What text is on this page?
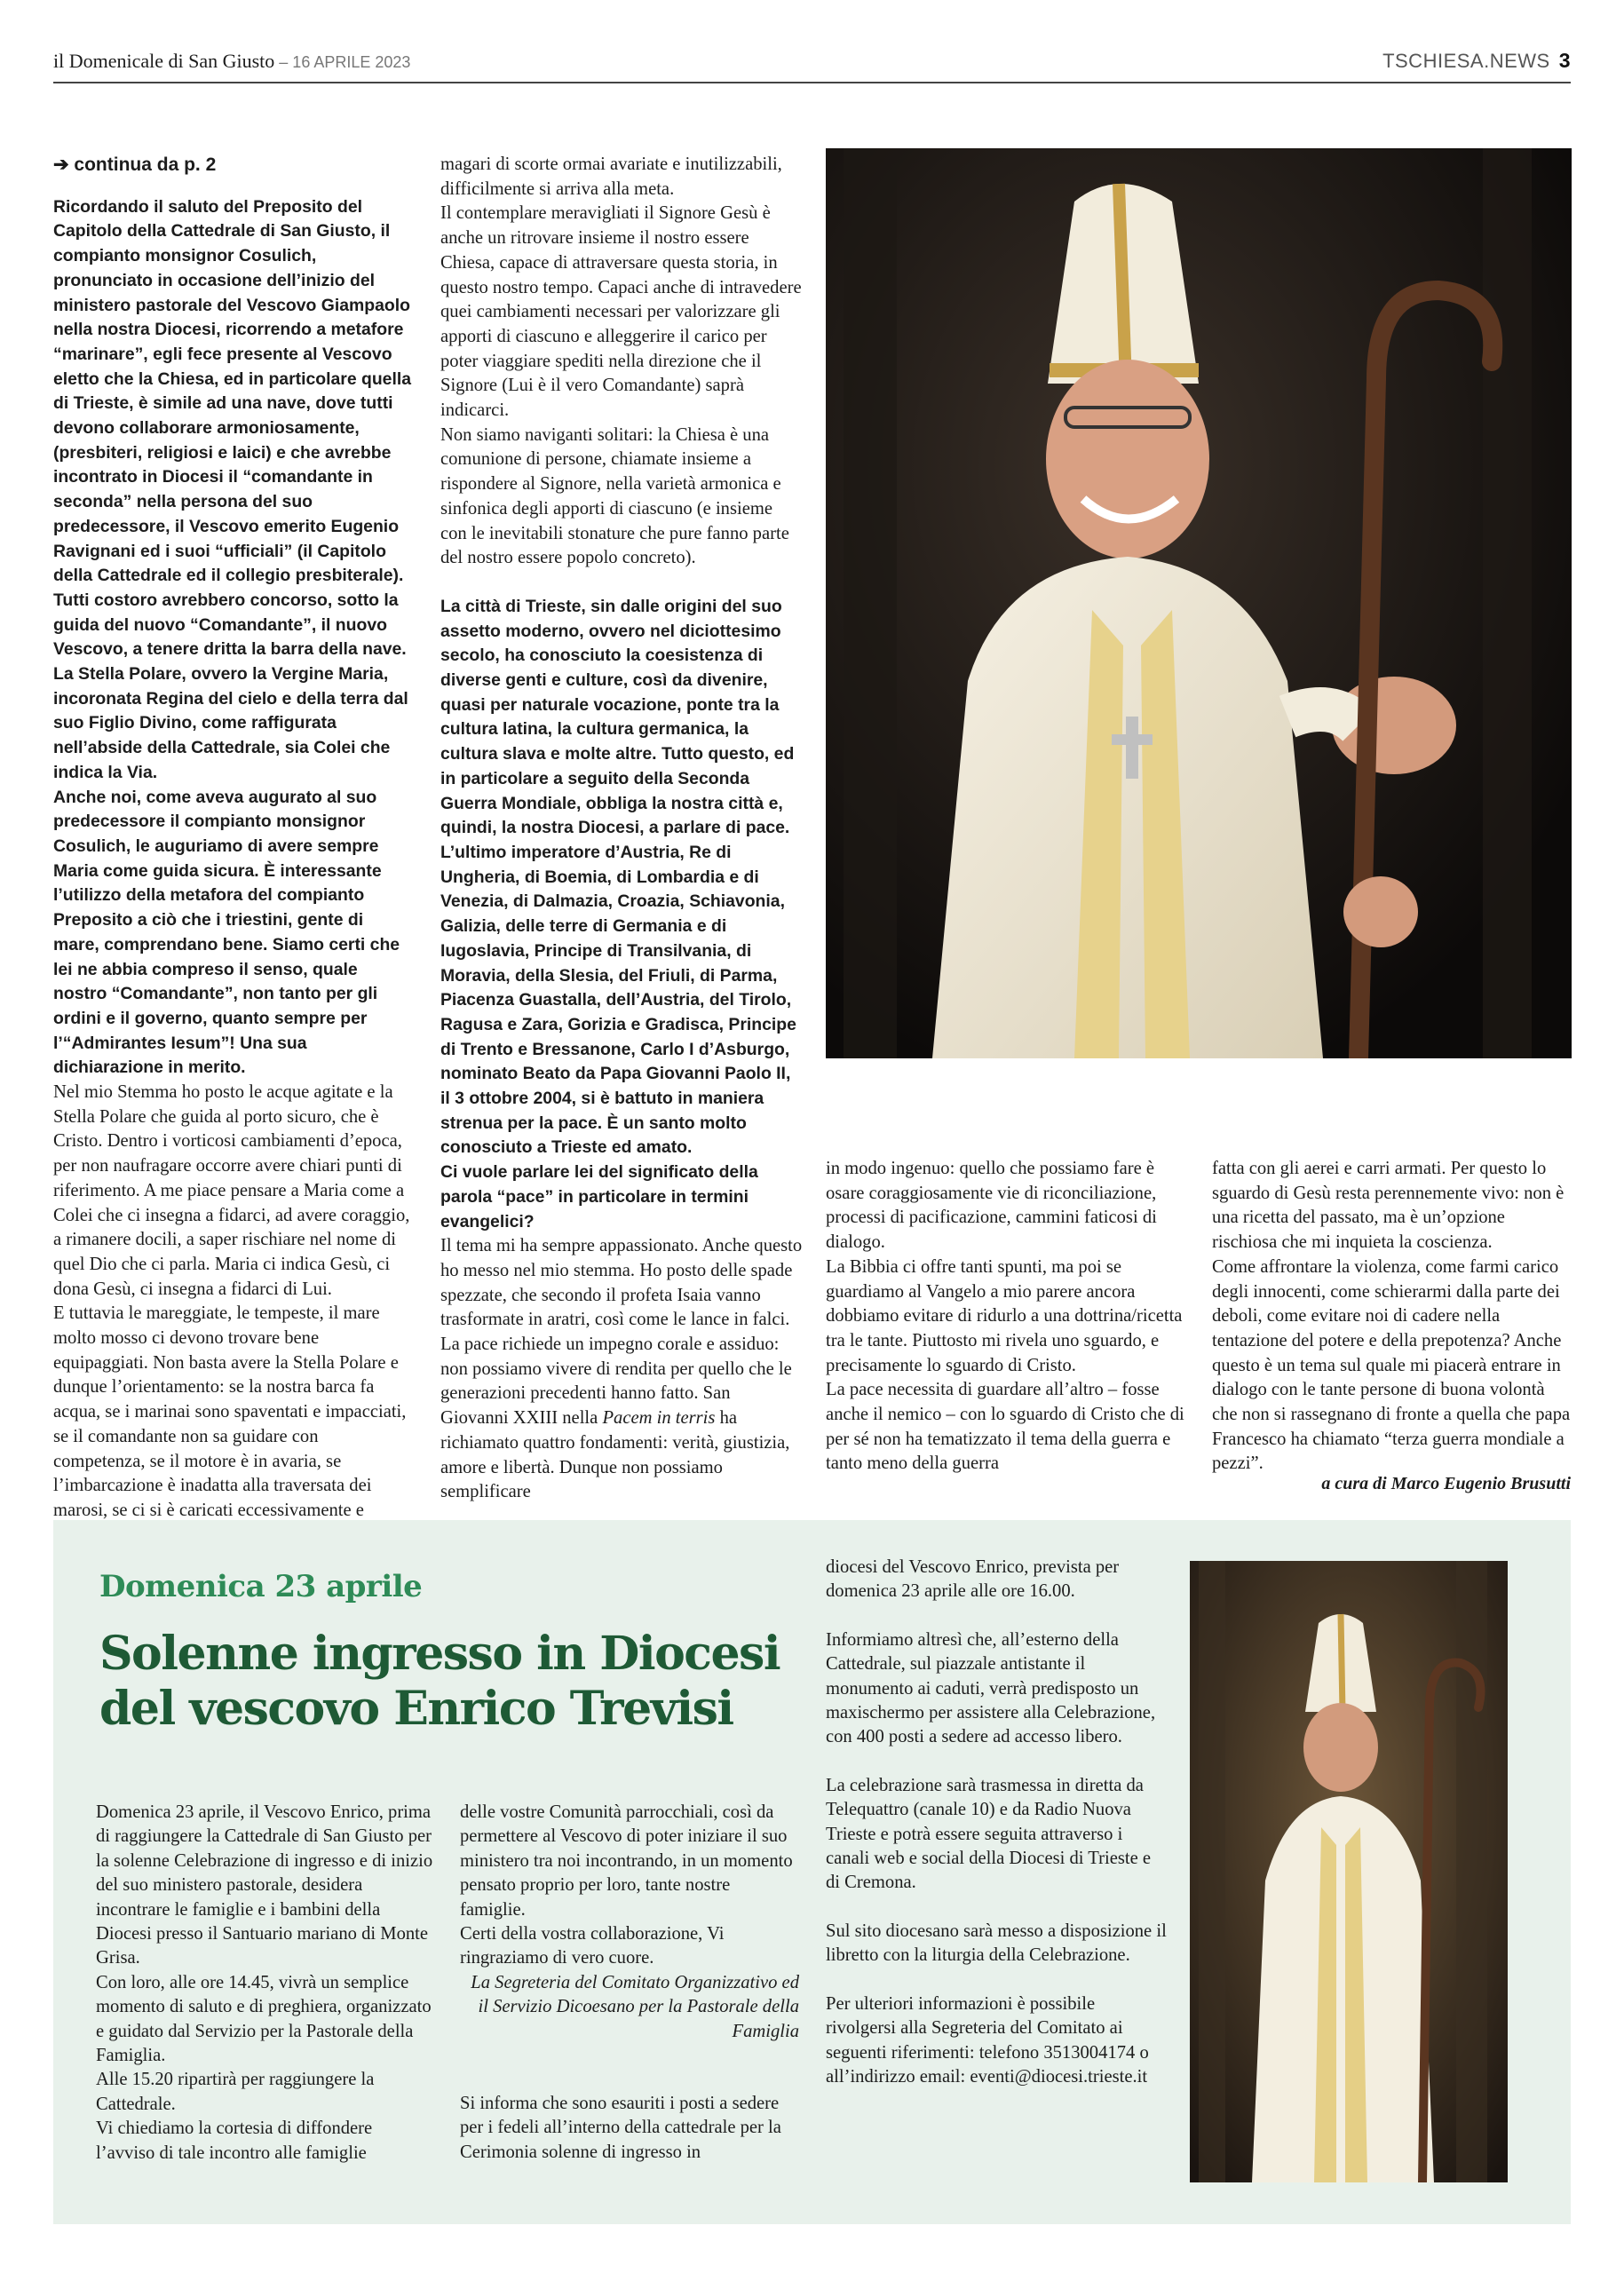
il Domenicale di San Giusto – 16 APRILE 2023	TSCHIESA.NEWS 3

➔ continua da p. 2

Ricordando il saluto del Preposito del Capitolo della Cattedrale di San Giusto, il compianto monsignor Cosulich, pronunciato in occasione dell’inizio del ministero pastorale del Vescovo Giampaolo nella nostra Diocesi, ricorrendo a metafore “marinare”, egli fece presente al Vescovo eletto che la Chiesa, ed in particolare quella di Trieste, è simile ad una nave, dove tutti devono collaborare armoniosamente, (presbiteri, religiosi e laici) e che avrebbe incontrato in Diocesi il “comandante in seconda” nella persona del suo predecessore, il Vescovo emerito Eugenio Ravignani ed i suoi “ufficiali” (il Capitolo della Cattedrale ed il collegio presbiterale). Tutti costoro avrebbero concorso, sotto la guida del nuovo “Comandante”, il nuovo Vescovo, a tenere dritta la barra della nave. La Stella Polare, ovvero la Vergine Maria, incoronata Regina del cielo e della terra dal suo Figlio Divino, come raffigurata nell’abside della Cattedrale, sia Colei che indica la Via.

Anche noi, come aveva augurato al suo predecessore il compianto monsignor Cosulich, le auguriamo di avere sempre Maria come guida sicura. È interessante l’utilizzo della metafora del compianto Preposito a ciò che i triestini, gente di mare, comprendano bene. Siamo certi che lei ne abbia compreso il senso, quale nostro “Comandante”, non tanto per gli ordini e il governo, quanto sempre per l’“Admirantes Iesum”! Una sua dichiarazione in merito.

Nel mio Stemma ho posto le acque agitate e la Stella Polare che guida al porto sicuro, che è Cristo. Dentro i vorticosi cambiamenti d’epoca, per non naufragare occorre avere chiari punti di riferimento. A me piace pensare a Maria come a Colei che ci insegna a fidarci, ad avere coraggio, a rimanere docili, a saper rischiare nel nome di quel Dio che ci parla. Maria ci indica Gesù, ci dona Gesù, ci insegna a fidarci di Lui.

E tuttavia le mareggiate, le tempeste, il mare molto mosso ci devono trovare bene equipaggiati. Non basta avere la Stella Polare e dunque l’orientamento: se la nostra barca fa acqua, se i marinai sono spaventati e impacciati, se il comandante non sa guidare con competenza, se il motore è in avaria, se l’imbarcazione è inadatta alla traversata dei marosi, se ci si è caricati eccessivamente e

magari di scorte ormai avariate e inutilizzabili, difficilmente si arriva alla meta.

Il contemplare meravigliati il Signore Gesù è anche un ritrovare insieme il nostro essere Chiesa, capace di attraversare questa storia, in questo nostro tempo. Capaci anche di intravedere quei cambiamenti necessari per valorizzare gli apporti di ciascuno e alleggerire il carico per poter viaggiare spediti nella direzione che il Signore (Lui è il vero Comandante) saprà indicarci.

Non siamo naviganti solitari: la Chiesa è una comunione di persone, chiamate insieme a rispondere al Signore, nella varietà armonica e sinfonica degli apporti di ciascuno (e insieme con le inevitabili stonature che pure fanno parte del nostro essere popolo concreto).

La città di Trieste, sin dalle origini del suo assetto moderno, ovvero nel diciottesimo secolo, ha conosciuto la coesistenza di diverse genti e culture, così da divenire, quasi per naturale vocazione, ponte tra la cultura latina, la cultura germanica, la cultura slava e molte altre. Tutto questo, ed in particolare a seguito della Seconda Guerra Mondiale, obbliga la nostra città e, quindi, la nostra Diocesi, a parlare di pace. L’ultimo imperatore d’Austria, Re di Ungheria, di Boemia, di Lombardia e di Venezia, di Dalmazia, Croazia, Schiavonia, Galizia, delle terre di Germania e di Iugoslavia, Principe di Transilvania, di Moravia, della Slesia, del Friuli, di Parma, Piacenza Guastalla, dell’Austria, del Tirolo, Ragusa e Zara, Gorizia e Gradisca, Principe di Trento e Bressanone, Carlo I d’Asburgo, nominato Beato da Papa Giovanni Paolo II, il 3 ottobre 2004, si è battuto in maniera strenua per la pace. È un santo molto conosciuto a Trieste ed amato.

Ci vuole parlare lei del significato della parola “pace” in particolare in termini evangelici?

Il tema mi ha sempre appassionato. Anche questo ho messo nel mio stemma. Ho posto delle spade spezzate, che secondo il profeta Isaia vanno trasformate in aratri, così come le lance in falci. La pace richiede un impegno corale e assiduo: non possiamo vivere di rendita per quello che le generazioni precedenti hanno fatto. San Giovanni XXIII nella Pacem in terris ha richiamato quattro fondamenti: verità, giustizia, amore e libertà. Dunque non possiamo semplificare

in modo ingenuo: quello che possiamo fare è osare coraggiosamente vie di riconciliazione, processi di pacificazione, cammini faticosi di dialogo.

La Bibbia ci offre tanti spunti, ma poi se guardiamo al Vangelo a mio parere ancora dobbiamo evitare di ridurlo a una dottrina/ricetta tra le tante. Piuttosto mi rivela uno sguardo, e precisamente lo sguardo di Cristo.

La pace necessita di guardare all’altro – fosse anche il nemico – con lo sguardo di Cristo che di per sé non ha tematizzato il tema della guerra e tanto meno della guerra

fatta con gli aerei e carri armati. Per questo lo sguardo di Gesù resta perennemente vivo: non è una ricetta del passato, ma è un’opzione rischiosa che mi inquieta la coscienza.

Come affrontare la violenza, come farmi carico degli innocenti, come schierarmi dalla parte dei deboli, come evitare noi di cadere nella tentazione del potere e della prepotenza? Anche questo è un tema sul quale mi piacerà entrare in dialogo con le tante persone di buona volontà che non si rassegnano di fronte a quella che papa Francesco ha chiamato “terza guerra mondiale a pezzi”.

a cura di Marco Eugenio Brusutti
Domenica 23 aprile
Solenne ingresso in Diocesi
del vescovo Enrico Trevisi

Domenica 23 aprile, il Vescovo Enrico, prima di raggiungere la Cattedrale di San Giusto per la solenne Celebrazione di ingresso e di inizio del suo ministero pastorale, desidera incontrare le famiglie e i bambini della Diocesi presso il Santuario mariano di Monte Grisa.

Con loro, alle ore 14.45, vivrà un semplice momento di saluto e di preghiera, organizzato e guidato dal Servizio per la Pastorale della Famiglia.

Alle 15.20 ripartirà per raggiungere la Cattedrale.

Vi chiediamo la cortesia di diffondere l’avviso di tale incontro alle famiglie

delle vostre Comunità parrocchiali, così da permettere al Vescovo di poter iniziare il suo ministero tra noi incontrando, in un momento pensato proprio per loro, tante nostre famiglie.

Certi della vostra collaborazione, Vi ringraziamo di vero cuore.

La Segreteria del Comitato Organizzativo ed il Servizio Dicoesano per la Pastorale della Famiglia

Si informa che sono esauriti i posti a sedere per i fedeli all’interno della cattedrale per la Cerimonia solenne di ingresso in

diocesi del Vescovo Enrico, prevista per domenica 23 aprile alle ore 16.00.

Informiamo altresì che, all’esterno della Cattedrale, sul piazzale antistante il monumento ai caduti, verrà predisposto un maxischermo per assistere alla Celebrazione, con 400 posti a sedere ad accesso libero.

La celebrazione sarà trasmessa in diretta da Telequattro (canale 10) e da Radio Nuova Trieste e potrà essere seguita attraverso i canali web e social della Diocesi di Trieste e di Cremona.

Sul sito diocesano sarà messo a disposizione il libretto con la liturgia della Celebrazione.

Per ulteriori informazioni è possibile rivolgersi alla Segreteria del Comitato ai seguenti riferimenti: telefono 3513004174 o all’indirizzo email: eventi@diocesi.trieste.it
